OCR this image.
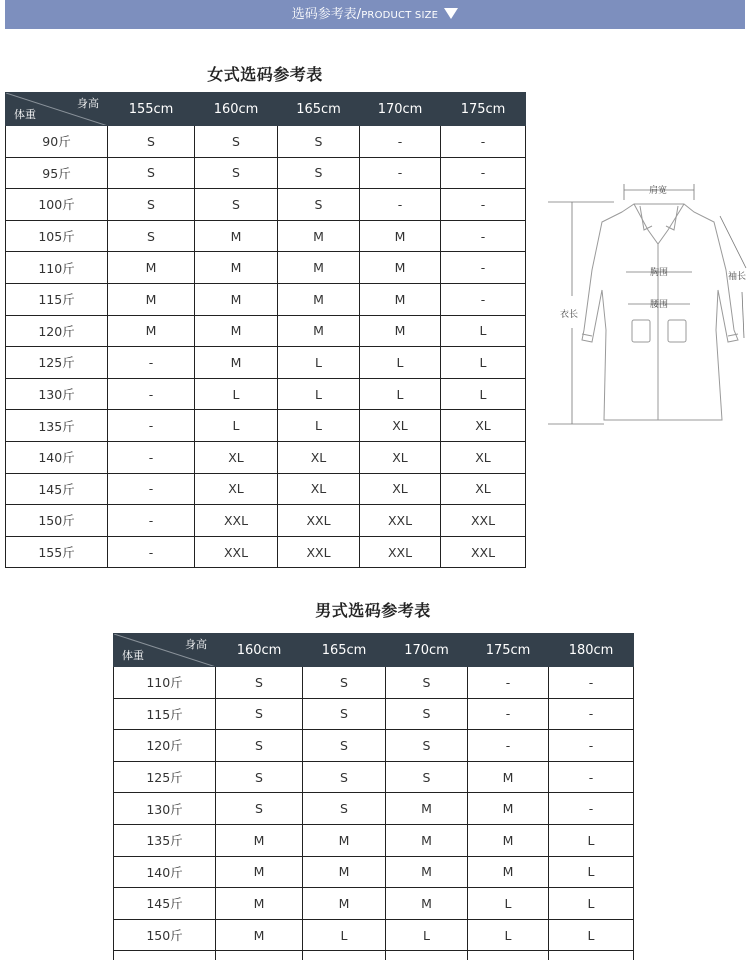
选码参考表/PRODUCT SIZE
女式选码参考表
身高
体重	155cm	160cm	165cm	170cm	175cm
90斤	S	S	S	-	-
95斤	S	S	S	-	-
100斤	S	S	S	-	-
105斤	S	M	M	M	-
110斤	M	M	M	M	-
115斤	M	M	M	M	-
120斤	M	M	M	M	L
125斤	-	M	L	L	L
130斤	-	L	L	L	L
135斤	-	L	L	XL	XL
140斤	-	XL	XL	XL	XL
145斤	-	XL	XL	XL	XL
150斤	-	XXL	XXL	XXL	XXL
155斤	-	XXL	XXL	XXL	XXL
肩宽
胸围
腰围
袖长
衣长
男式选码参考表
身高
体重	160cm	165cm	170cm	175cm	180cm
110斤	S	S	S	-	-
115斤	S	S	S	-	-
120斤	S	S	S	-	-
125斤	S	S	S	M	-
130斤	S	S	M	M	-
135斤	M	M	M	M	L
140斤	M	M	M	M	L
145斤	M	M	M	L	L
150斤	M	L	L	L	L
